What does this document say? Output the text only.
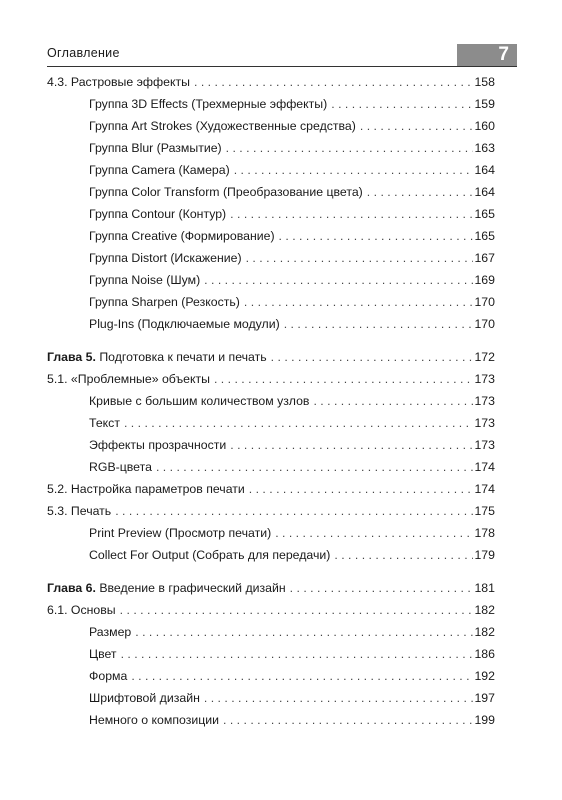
Оглавление	7
4.3. Растровые эффекты . . .	158
Группа 3D Effects (Трехмерные эффекты) . . .	159
Группа Art Strokes (Художественные средства) . . .	160
Группа Blur (Размытие) . . .	163
Группа Camera (Камера) . . .	164
Группа Color Transform (Преобразование цвета) . . .	164
Группа Contour (Контур) . . .	165
Группа Creative (Формирование) . . .	165
Группа Distort (Искажение) . . .	167
Группа Noise (Шум) . . .	169
Группа Sharpen (Резкость) . . .	170
Plug-Ins (Подключаемые модули) . . .	170
Глава 5. Подготовка к печати и печать . . .	172
5.1. «Проблемные» объекты . . .	173
Кривые с большим количеством узлов . . .	173
Текст . . .	173
Эффекты прозрачности . . .	173
RGB-цвета . . .	174
5.2. Настройка параметров печати . . .	174
5.3. Печать . . .	175
Print Preview (Просмотр печати) . . .	178
Collect For Output (Собрать для передачи) . . .	179
Глава 6. Введение в графический дизайн . . .	181
6.1. Основы . . .	182
Размер . . .	182
Цвет . . .	186
Форма . . .	192
Шрифтовой дизайн . . .	197
Немного о композиции . . .	199
